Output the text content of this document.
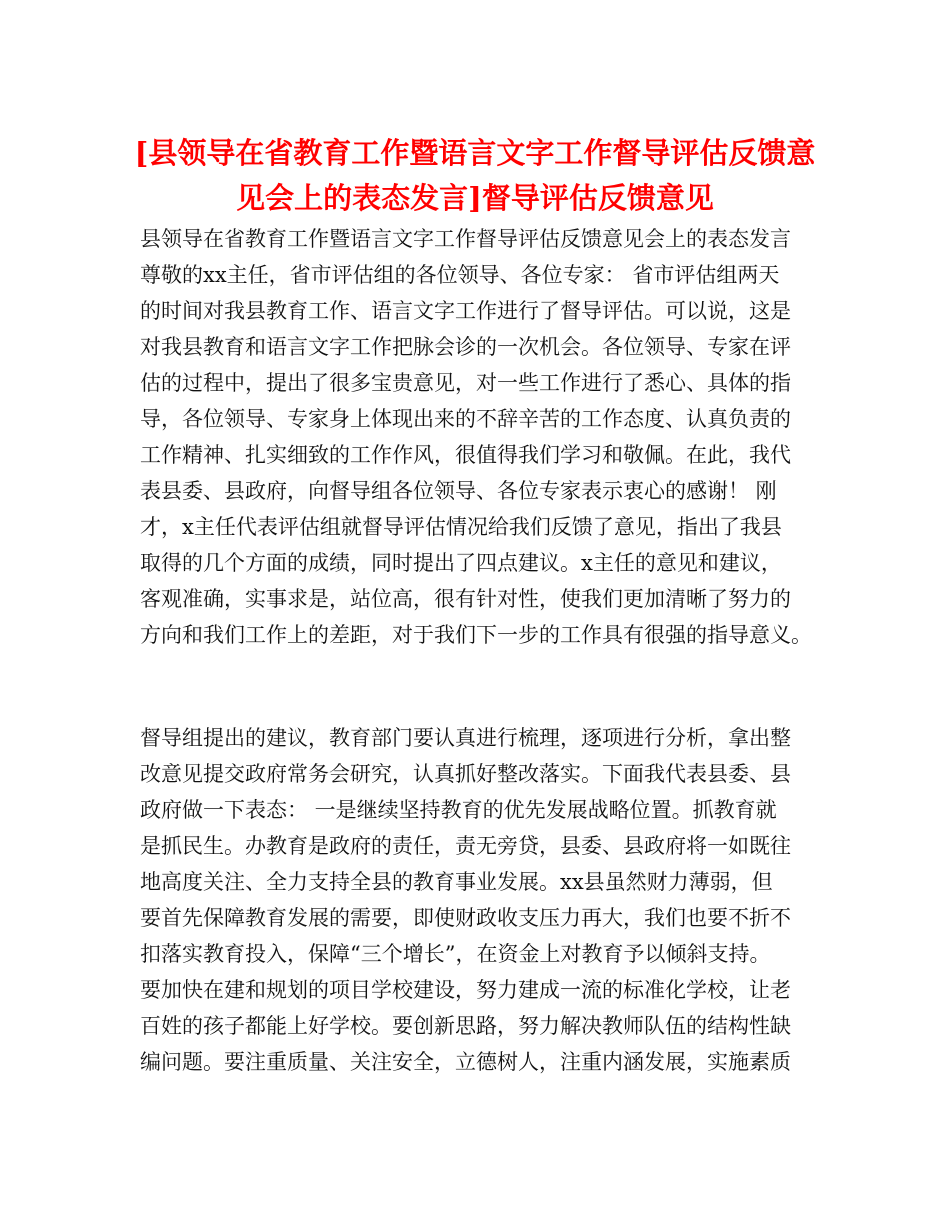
[县领导在省教育工作暨语言文字工作督导评估反馈意
见会上的表态发言]督导评估反馈意见
县领导在省教育工作暨语言文字工作督导评估反馈意见会上的表态发言
尊敬的xx主任，省市评估组的各位领导、各位专家： 省市评估组两天
的时间对我县教育工作、语言文字工作进行了督导评估。可以说，这是
对我县教育和语言文字工作把脉会诊的一次机会。各位领导、专家在评
估的过程中，提出了很多宝贵意见，对一些工作进行了悉心、具体的指
导，各位领导、专家身上体现出来的不辞辛苦的工作态度、认真负责的
工作精神、扎实细致的工作作风，很值得我们学习和敬佩。在此，我代
表县委、县政府，向督导组各位领导、各位专家表示衷心的感谢！ 刚
才，x主任代表评估组就督导评估情况给我们反馈了意见，指出了我县
取得的几个方面的成绩，同时提出了四点建议。x主任的意见和建议，
客观准确，实事求是，站位高，很有针对性，使我们更加清晰了努力的
方向和我们工作上的差距，对于我们下一步的工作具有很强的指导意义。
督导组提出的建议，教育部门要认真进行梳理，逐项进行分析，拿出整
改意见提交政府常务会研究，认真抓好整改落实。下面我代表县委、县
政府做一下表态： 一是继续坚持教育的优先发展战略位置。抓教育就
是抓民生。办教育是政府的责任，责无旁贷，县委、县政府将一如既往
地高度关注、全力支持全县的教育事业发展。xx县虽然财力薄弱，但
要首先保障教育发展的需要，即使财政收支压力再大，我们也要不折不
扣落实教育投入，保障“三个增长”，在资金上对教育予以倾斜支持。
要加快在建和规划的项目学校建设，努力建成一流的标准化学校，让老
百姓的孩子都能上好学校。要创新思路，努力解决教师队伍的结构性缺
编问题。要注重质量、关注安全，立德树人，注重内涵发展，实施素质
